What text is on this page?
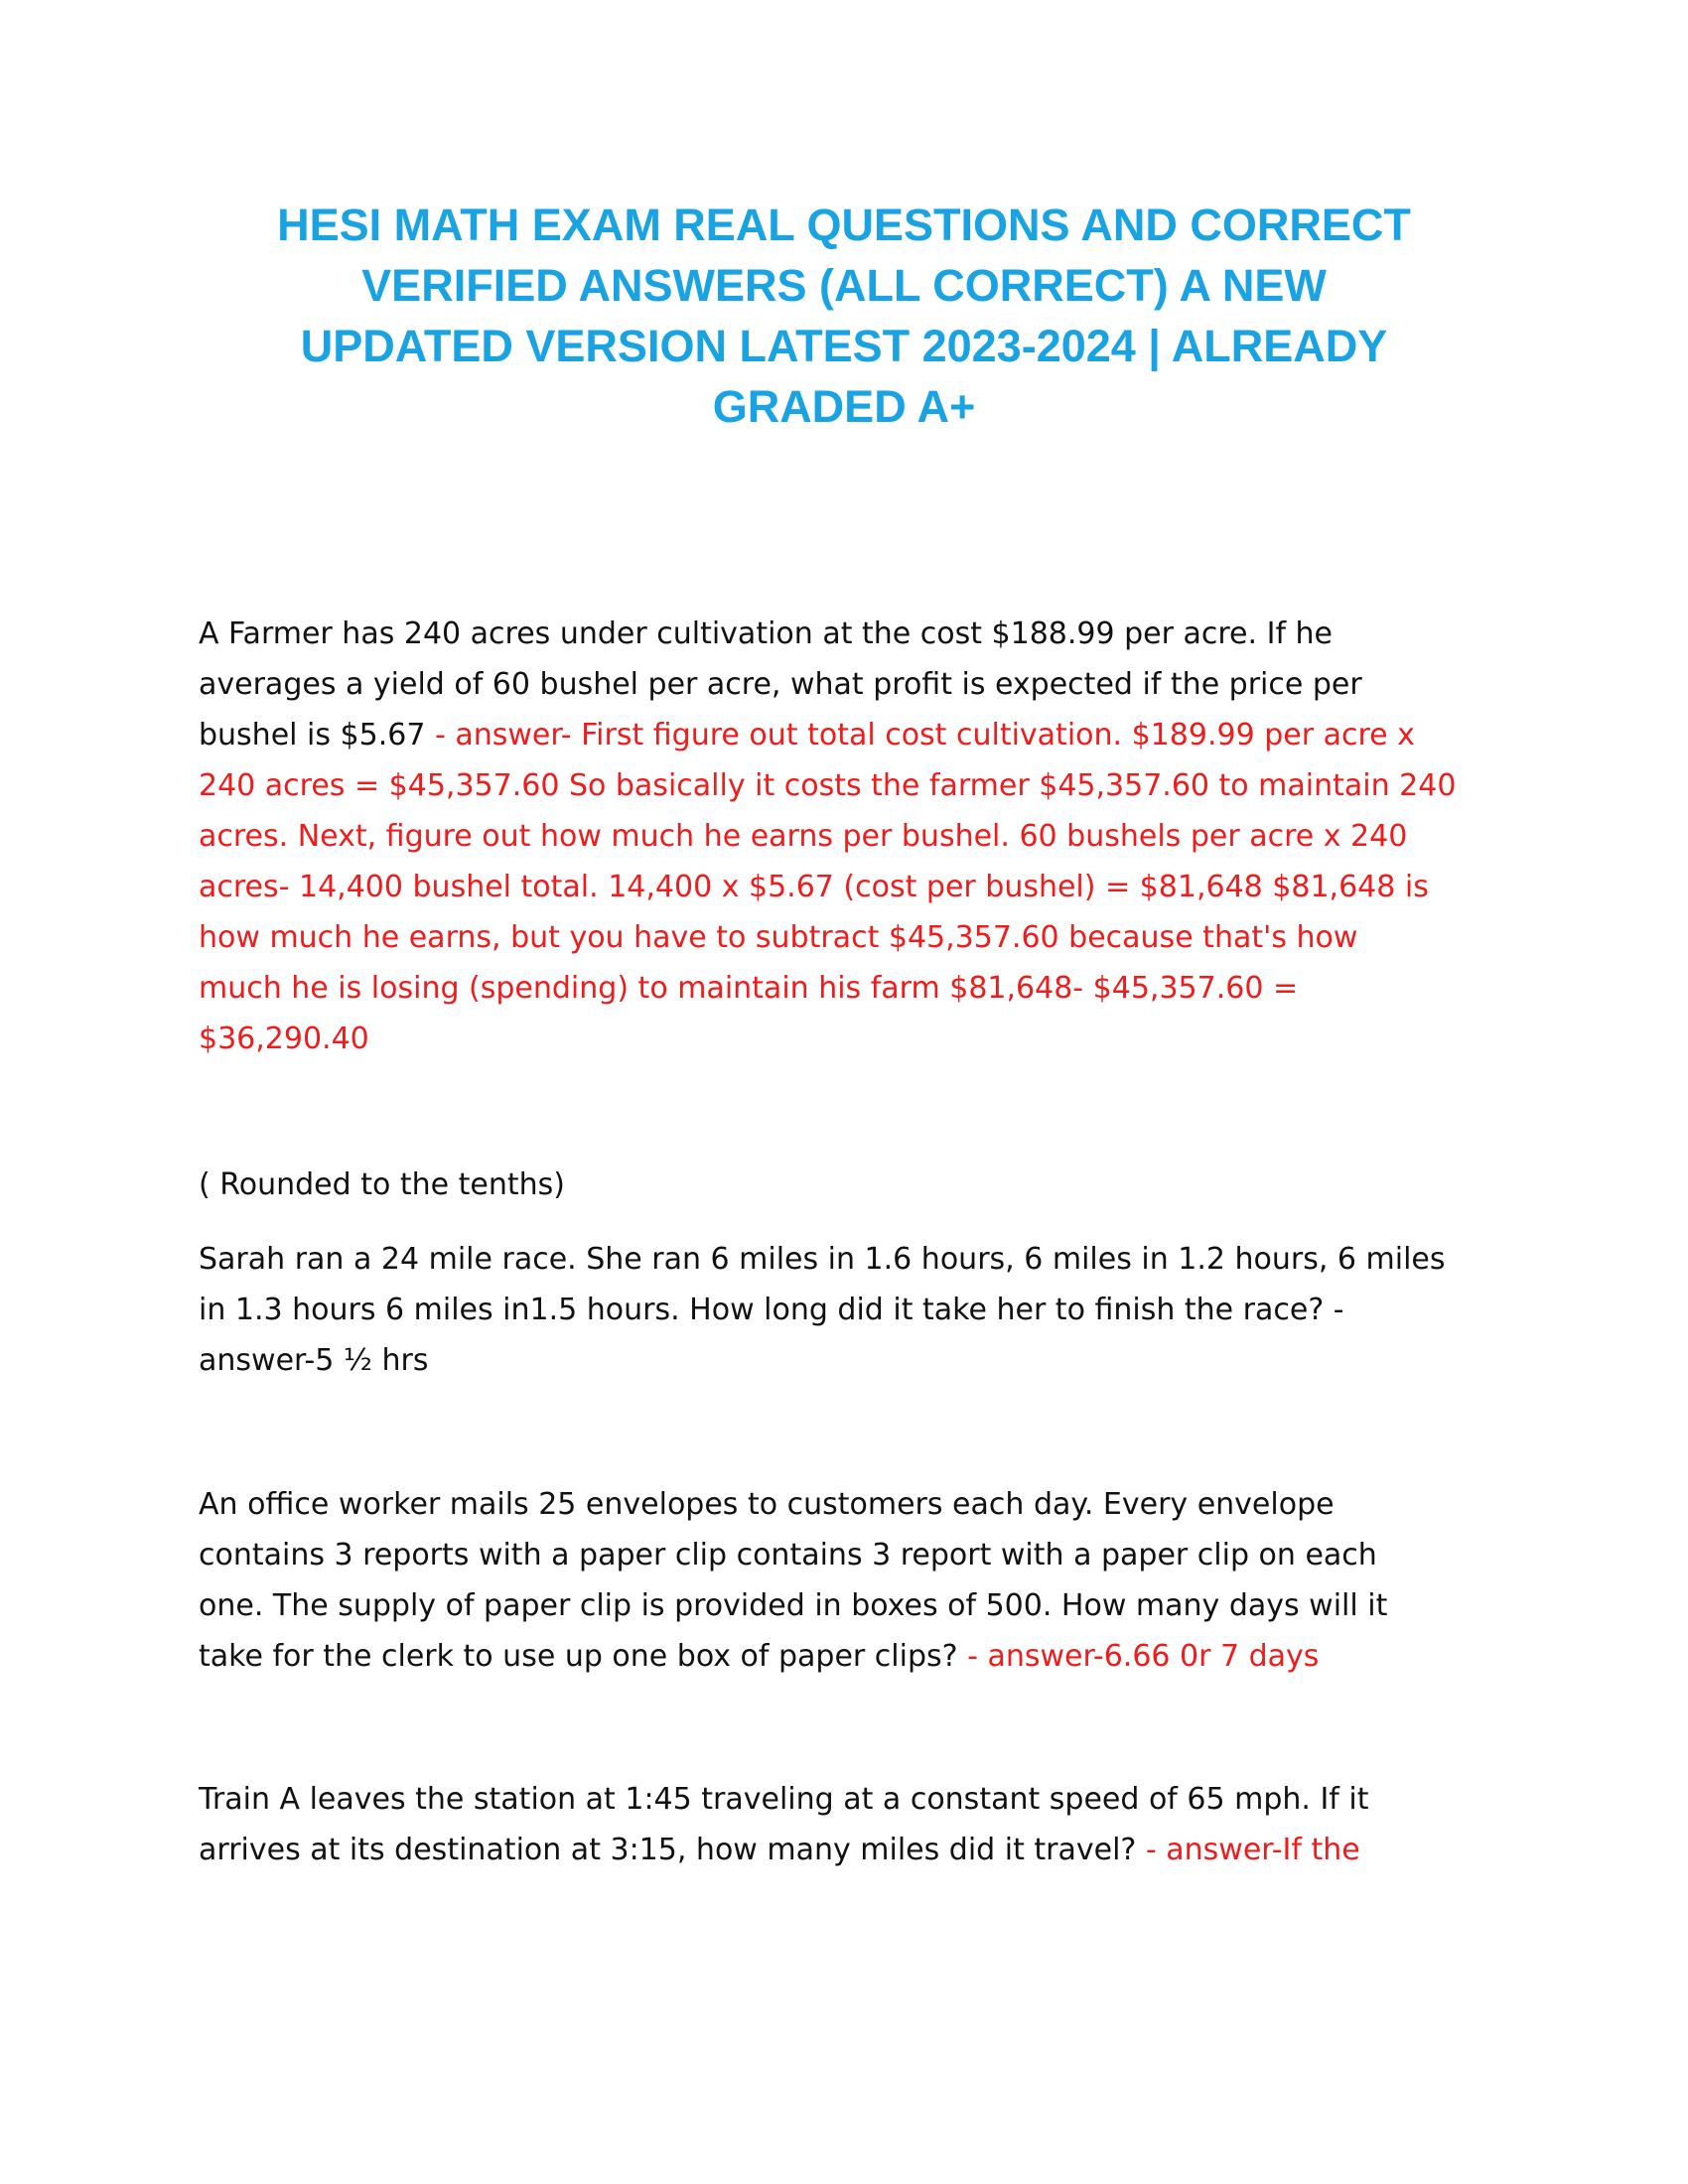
HESI MATH EXAM REAL QUESTIONS AND CORRECT
VERIFIED ANSWERS (ALL CORRECT) A NEW
UPDATED VERSION LATEST 2023-2024 | ALREADY
GRADED A+

A Farmer has 240 acres under cultivation at the cost $188.99 per acre. If he

averages a yield of 60 bushel per acre, what profit is expected if the price per

bushel is $5.67 - answer- First figure out total cost cultivation. $189.99 per acre x

240 acres = $45,357.60 So basically it costs the farmer $45,357.60 to maintain 240

acres. Next, figure out how much he earns per bushel. 60 bushels per acre x 240

acres- 14,400 bushel total. 14,400 x $5.67 (cost per bushel) = $81,648 $81,648 is

how much he earns, but you have to subtract $45,357.60 because that's how

much he is losing (spending) to maintain his farm $81,648- $45,357.60 =

$36,290.40

( Rounded to the tenths)

Sarah ran a 24 mile race. She ran 6 miles in 1.6 hours, 6 miles in 1.2 hours, 6 miles

in 1.3 hours 6 miles in1.5 hours. How long did it take her to finish the race? -

answer-5 ½ hrs

An office worker mails 25 envelopes to customers each day. Every envelope

contains 3 reports with a paper clip contains 3 report with a paper clip on each

one. The supply of paper clip is provided in boxes of 500. How many days will it

take for the clerk to use up one box of paper clips? - answer-6.66 0r 7 days

Train A leaves the station at 1:45 traveling at a constant speed of 65 mph. If it

arrives at its destination at 3:15, how many miles did it travel? - answer-If the
